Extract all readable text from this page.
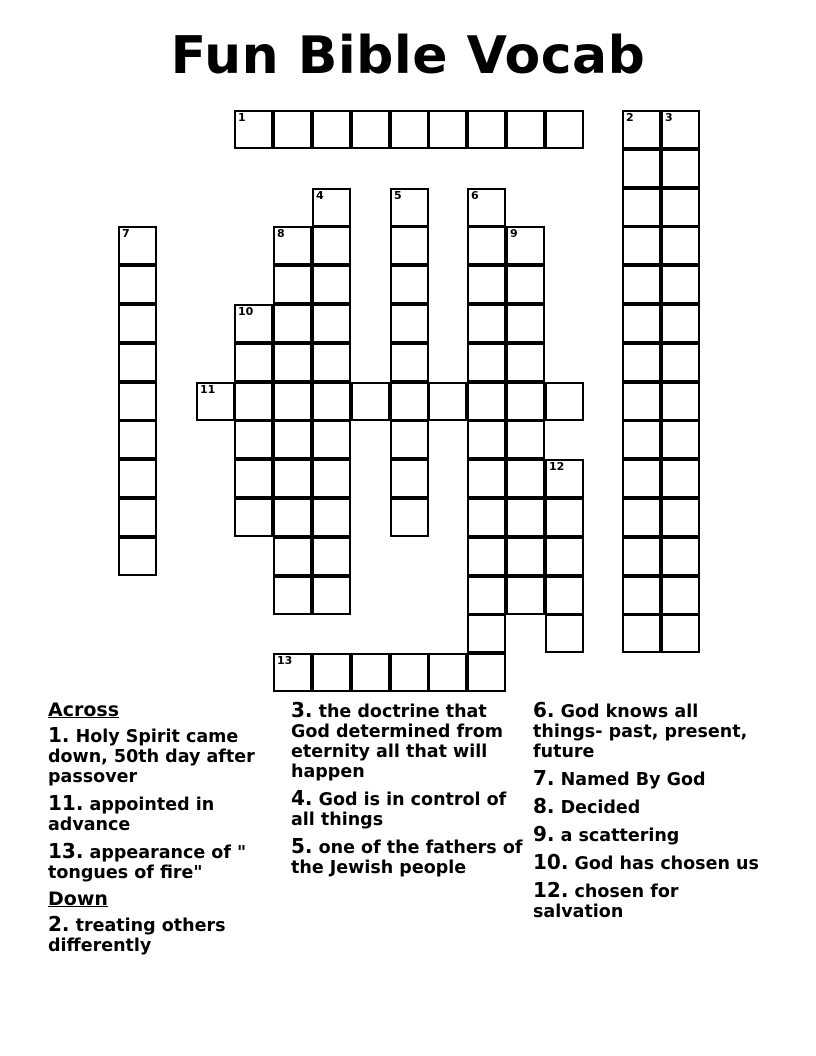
Fun Bible Vocab
1
11
13
2	3
4	5	6
7	8	9
10
12
Across
1. Holy Spirit came down, 50th day after passover
11. appointed in advance
13. appearance of " tongues of fire"
Down
2. treating others differently
3. the doctrine that God determined from eternity all that will happen
4. God is in control of all things
5. one of the fathers of the Jewish people
6. God knows all things- past, present, future
7. Named By God
8. Decided
9. a scattering
10. God has chosen us
12. chosen for salvation
